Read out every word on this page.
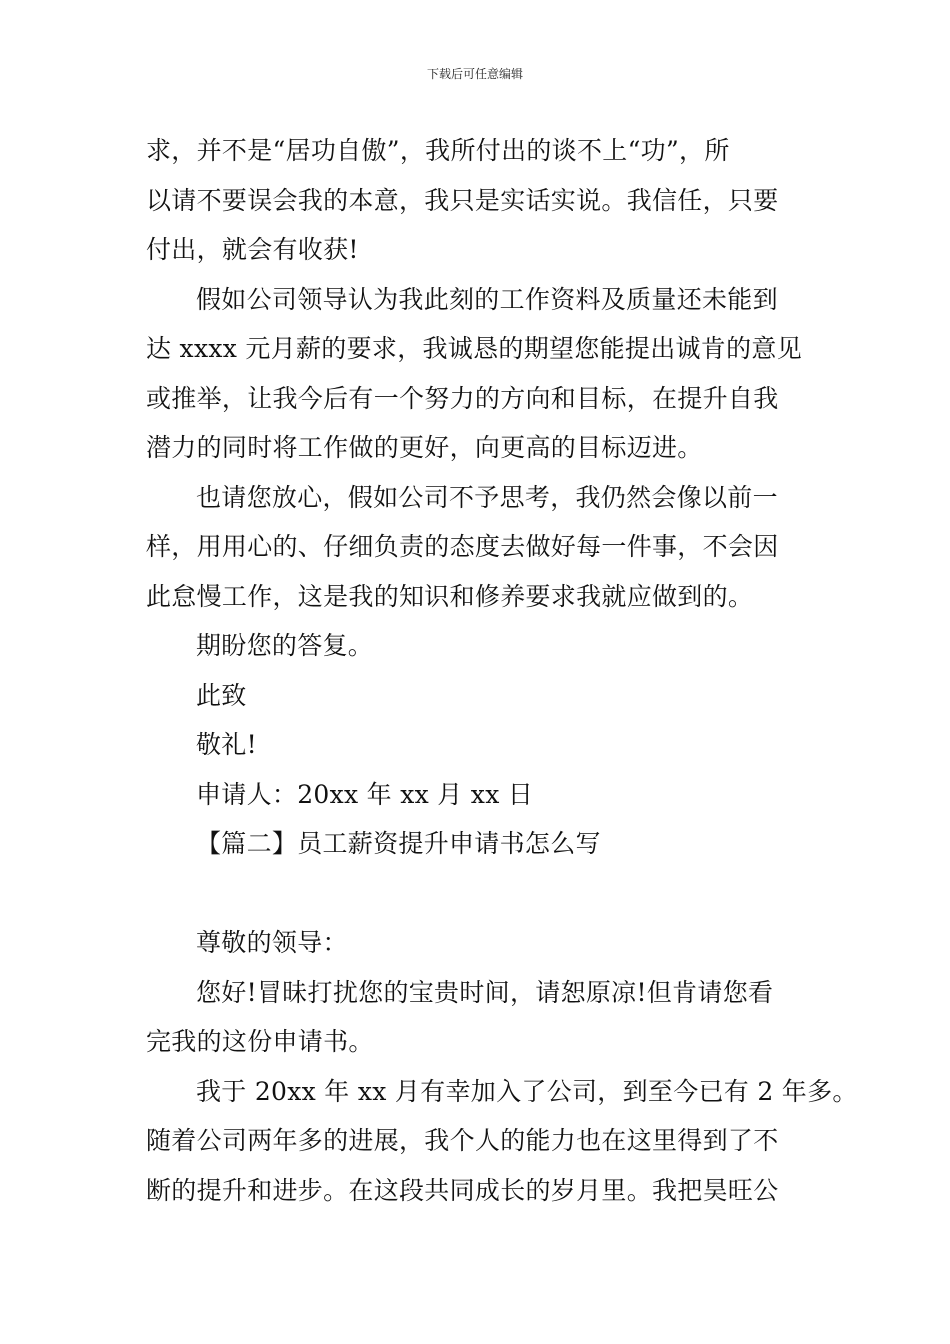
下载后可任意编辑
求，并不是“居功自傲”，我所付出的谈不上“功”，所
以请不要误会我的本意，我只是实话实说。我信任，只要
付出，就会有收获!
假如公司领导认为我此刻的工作资料及质量还未能到
达 xxxx 元月薪的要求，我诚恳的期望您能提出诚肯的意见
或推举，让我今后有一个努力的方向和目标，在提升自我
潜力的同时将工作做的更好，向更高的目标迈进。
也请您放心，假如公司不予思考，我仍然会像以前一
样，用用心的、仔细负责的态度去做好每一件事，不会因
此怠慢工作，这是我的知识和修养要求我就应做到的。
期盼您的答复。
此致
敬礼!
申请人：20xx 年 xx 月 xx 日
【篇二】员工薪资提升申请书怎么写
尊敬的领导：
您好!冒昧打扰您的宝贵时间，请恕原凉!但肯请您看
完我的这份申请书。
我于 20xx 年 xx 月有幸加入了公司，到至今已有 2 年多。
随着公司两年多的进展，我个人的能力也在这里得到了不
断的提升和进步。在这段共同成长的岁月里。我把昊旺公
